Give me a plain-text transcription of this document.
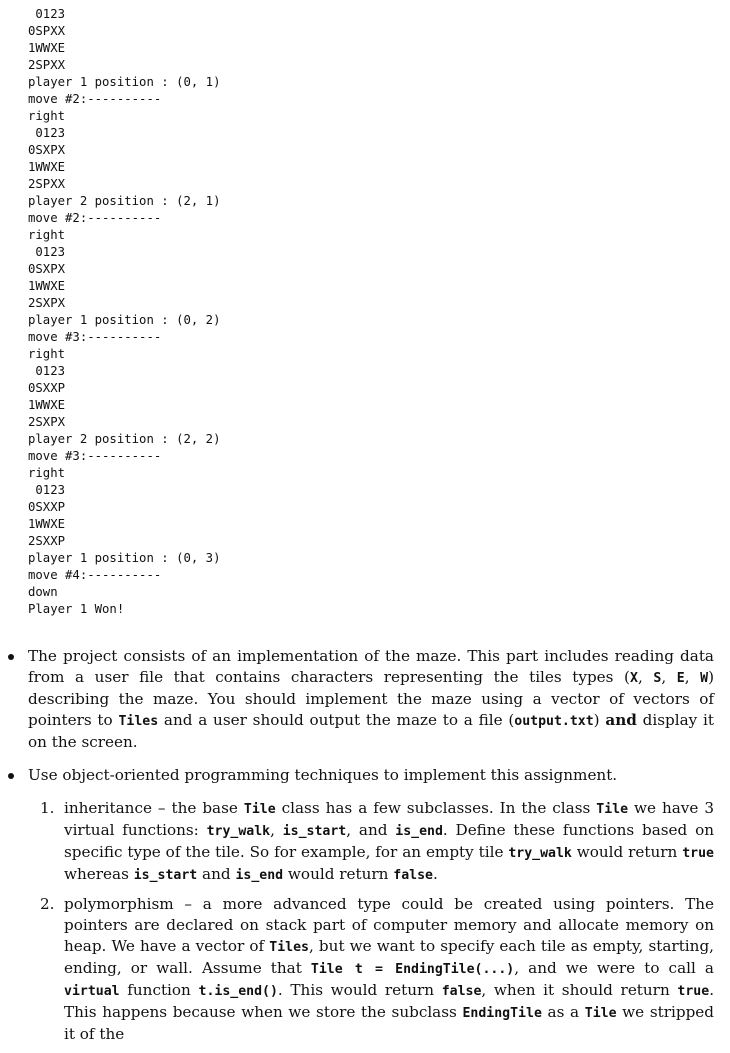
0123
0SPXX
1WWXE
2SPXX
player 1 position : (0, 1)
move #2:----------
right
0123
0SXPX
1WWXE
2SPXX
player 2 position : (2, 1)
move #2:----------
right
0123
0SXPX
1WWXE
2SXPX
player 1 position : (0, 2)
move #3:----------
right
0123
0SXXP
1WWXE
2SXPX
player 2 position : (2, 2)
move #3:----------
right
0123
0SXXP
1WWXE
2SXXP
player 1 position : (0, 3)
move #4:----------
down
Player 1 Won!
The project consists of an implementation of the maze. This part includes reading data from a user file that contains characters representing the tiles types (X, S, E, W) describing the maze. You should implement the maze using a vector of vectors of pointers to Tiles and a user should output the maze to a file (output.txt) and display it on the screen.
Use object-oriented programming techniques to implement this assignment.
1. inheritance – the base Tile class has a few subclasses. In the class Tile we have 3 virtual functions: try_walk, is_start, and is_end. Define these functions based on specific type of the tile. So for example, for an empty tile try_walk would return true whereas is_start and is_end would return false.
2. polymorphism – a more advanced type could be created using pointers. The pointers are declared on stack part of computer memory and allocate memory on heap. We have a vector of Tiles, but we want to specify each tile as empty, starting, ending, or wall. Assume that Tile t = EndingTile(...), and we were to call a virtual function t.is_end(). This would return false, when it should return true. This happens because when we store the subclass EndingTile as a Tile we stripped it of the
